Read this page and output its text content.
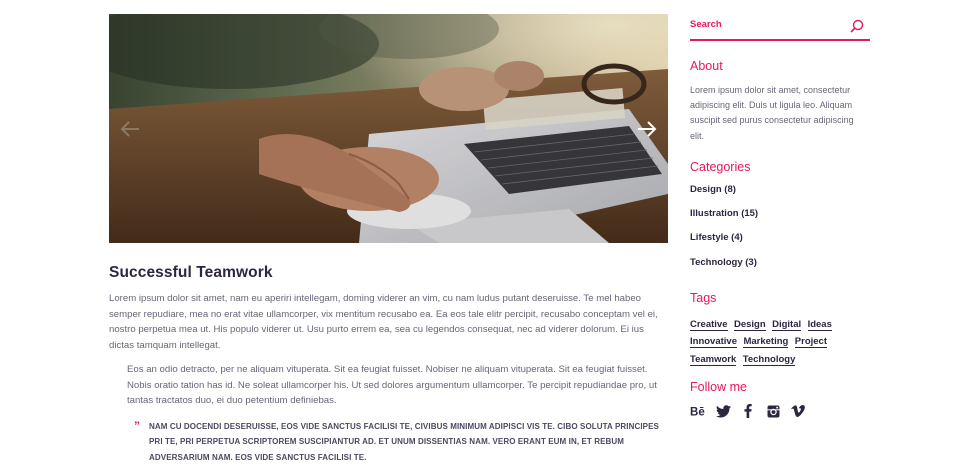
Successful Teamwork

Lorem ipsum dolor sit amet, nam eu aperiri intellegam, doming viderer an vim, cu nam ludus putant deseruisse. Te mel habeo semper repudiare, mea no erat vitae ullamcorper, vix mentitum recusabo ea. Ea eos tale elitr percipit, recusabo conceptam vel ei, nostro perpetua mea ut. His populo viderer ut. Usu purto errem ea, sea cu legendos consequat, nec ad viderer dolorum. Ei ius dictas tamquam intellegat.

Eos an odio detracto, per ne aliquam vituperata. Sit ea feugiat fuisset. Nobiser ne aliquam vituperata. Sit ea feugiat fuisset. Nobis oratio tation has id. Ne soleat ullamcorper his. Ut sed dolores argumentum ullamcorper. Te percipit repudiandae pro, ut tantas tractatos duo, ei duo petentium definiebas.

” NAM CU DOCENDI DESERUISSE, EOS VIDE SANCTUS FACILISI TE, CIVIBUS MINIMUM ADIPISCI VIS TE. CIBO SOLUTA PRINCIPES PRI TE, PRI PERPETUA SCRIPTOREM SUSCIPIANTUR AD. ET UNUM DISSENTIAS NAM. VERO ERANT EUM IN, ET REBUM ADVERSARIUM NAM. EOS VIDE SANCTUS FACILISI TE.
Search
About

Lorem ipsum dolor sit amet, consectetur adipiscing elit. Duis ut ligula leo. Aliquam suscipit sed purus consectetur adipiscing elit.

Categories
Design (8)
Illustration (15)
Lifestyle (4)
Technology (3)
Tags
Creative Design Digital Ideas Innovative Marketing Project Teamwork Technology
Follow me
Bē
